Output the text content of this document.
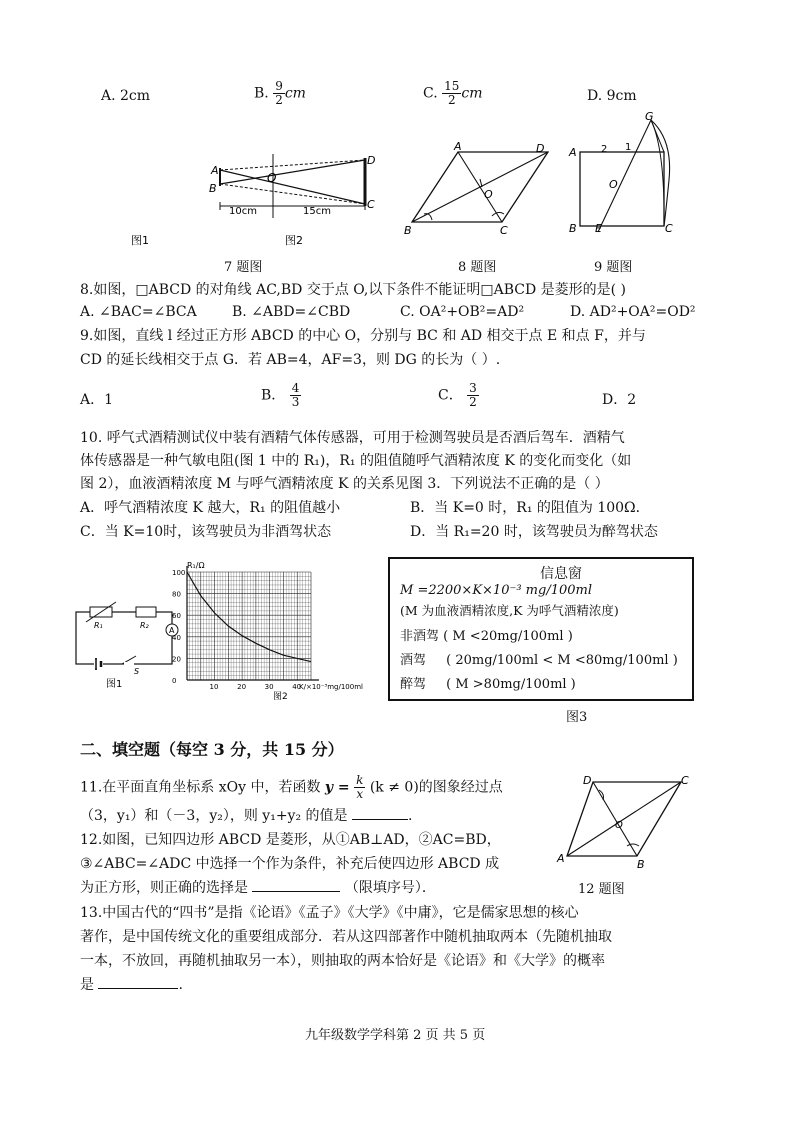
A. 2cm	B. $\frac{9}{2}$ cm	C. $\frac{15}{2}$ cm	D. 9cm
A
B
O
D
C
10cm	15cm
图1	图2
7 题图
A	D
B	C
O
8 题图
A
B E	C
G
O
2 1
9 题图
8.如图，□ABCD 的对角线 AC,BD 交于点 O,以下条件不能证明□ABCD 是菱形的是( )
A. ∠BAC=∠BCA	B. ∠ABD=∠CBD	C. OA²+OB²=AD²	D. AD²+OA²=OD²
9.如图，直线 l 经过正方形 ABCD 的中心 O，分别与 BC 和 AD 相交于点 E 和点 F，并与
CD 的延长线相交于点 G．若 AB=4，AF=3，则 DG 的长为（ ）.
A．1	B． $\frac{4}{3}$	C． $\frac{3}{2}$	D．2
10. 呼气式酒精测试仪中装有酒精气体传感器，可用于检测驾驶员是否酒后驾车．酒精气
体传感器是一种气敏电阻(图 1 中的 R₁)，R₁ 的阻值随呼气酒精浓度 K 的变化而变化（如
图 2），血液酒精浓度 M 与呼气酒精浓度 K 的关系见图 3．下列说法不正确的是（ ）
A．呼气酒精浓度 K 越大，R₁ 的阻值越小	B．当 K=0 时，R₁ 的阻值为 100Ω．
C．当 K=10时，该驾驶员为非酒驾状态	D．当 R₁=20 时，该驾驶员为醉驾状态
R₁	R₂
A
S
图1	10	20	30	40
0
20
40
60
80
100
R₁/Ω
K/×10⁻³mg/100ml
图2
信息窗
M =2200×K×10⁻³ mg/100ml
(M 为血液酒精浓度,K 为呼气酒精浓度)
非酒驾 ( M <20mg/100ml )
酒驾 ( 20mg/100ml < M <80mg/100ml )
醉驾 ( M >80mg/100ml )
图3
二、填空题（每空 3 分，共 15 分）
11.在平面直角坐标系 xOy 中，若函数 $y = \frac{k}{x} (k \ne 0)$的图象经过点
（3，y₁）和（－3，y₂），则 y₁+y₂ 的值是	.
D	C
A	B
O
12 题图
12.如图，已知四边形 ABCD 是菱形，从①AB⊥AD，②AC=BD，
③∠ABC=∠ADC 中选择一个作为条件，补充后使四边形 ABCD 成
为正方形，则正确的选择是	（限填序号）．
13.中国古代的“四书”是指《论语》《孟子》《大学》《中庸》，它是儒家思想的核心
著作，是中国传统文化的重要组成部分．若从这四部著作中随机抽取两本（先随机抽取
一本，不放回，再随机抽取另一本），则抽取的两本恰好是《论语》和《大学》的概率
是	.
九年级数学学科第 2 页 共 5 页
